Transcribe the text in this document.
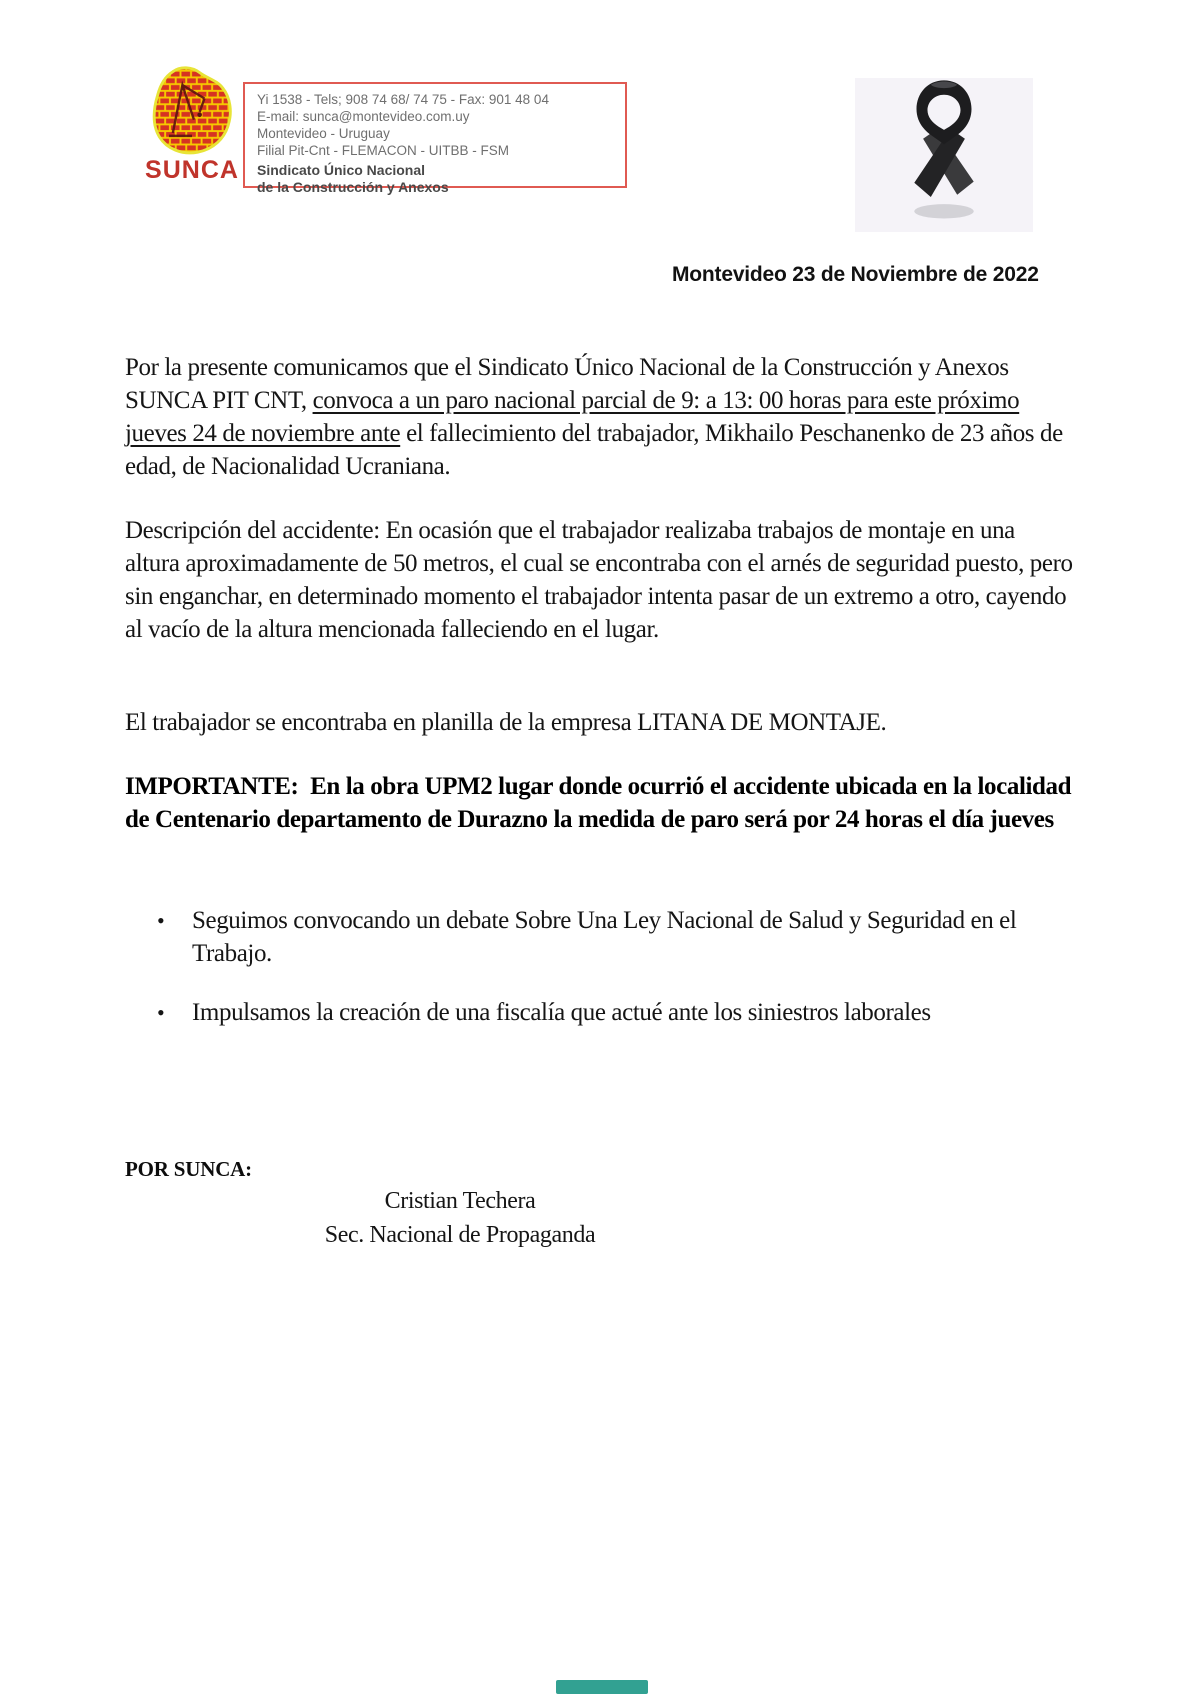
SUNCA
Yi 1538 - Tels; 908 74 68/ 74 75 - Fax: 901 48 04
E-mail: sunca@montevideo.com.uy
Montevideo - Uruguay
Filial Pit-Cnt - FLEMACON - UITBB - FSM
Sindicato Único Nacional
de la Construcción y Anexos
Montevideo 23 de Noviembre de 2022
Por la presente comunicamos que el Sindicato Único Nacional de la Construcción y Anexos SUNCA PIT CNT, convoca a un paro nacional parcial de 9: a 13: 00 horas para este próximo jueves 24 de noviembre ante el fallecimiento del trabajador, Mikhailo Peschanenko de 23 años de edad, de Nacionalidad Ucraniana.
Descripción del accidente: En ocasión que el trabajador realizaba trabajos de montaje en una altura aproximadamente de 50 metros, el cual se encontraba con el arnés de seguridad puesto, pero sin enganchar, en determinado momento el trabajador intenta pasar de un extremo a otro, cayendo al vacío de la altura mencionada falleciendo en el lugar.
El trabajador se encontraba en planilla de la empresa LITANA DE MONTAJE.
IMPORTANTE:  En la obra UPM2 lugar donde ocurrió el accidente ubicada en la localidad de Centenario departamento de Durazno la medida de paro será por 24 horas el día jueves
•	Seguimos convocando un debate Sobre Una Ley Nacional de Salud y Seguridad en el Trabajo.
•	Impulsamos la creación de una fiscalía que actué ante los siniestros laborales
POR SUNCA:
Cristian Techera
Sec. Nacional de Propaganda
